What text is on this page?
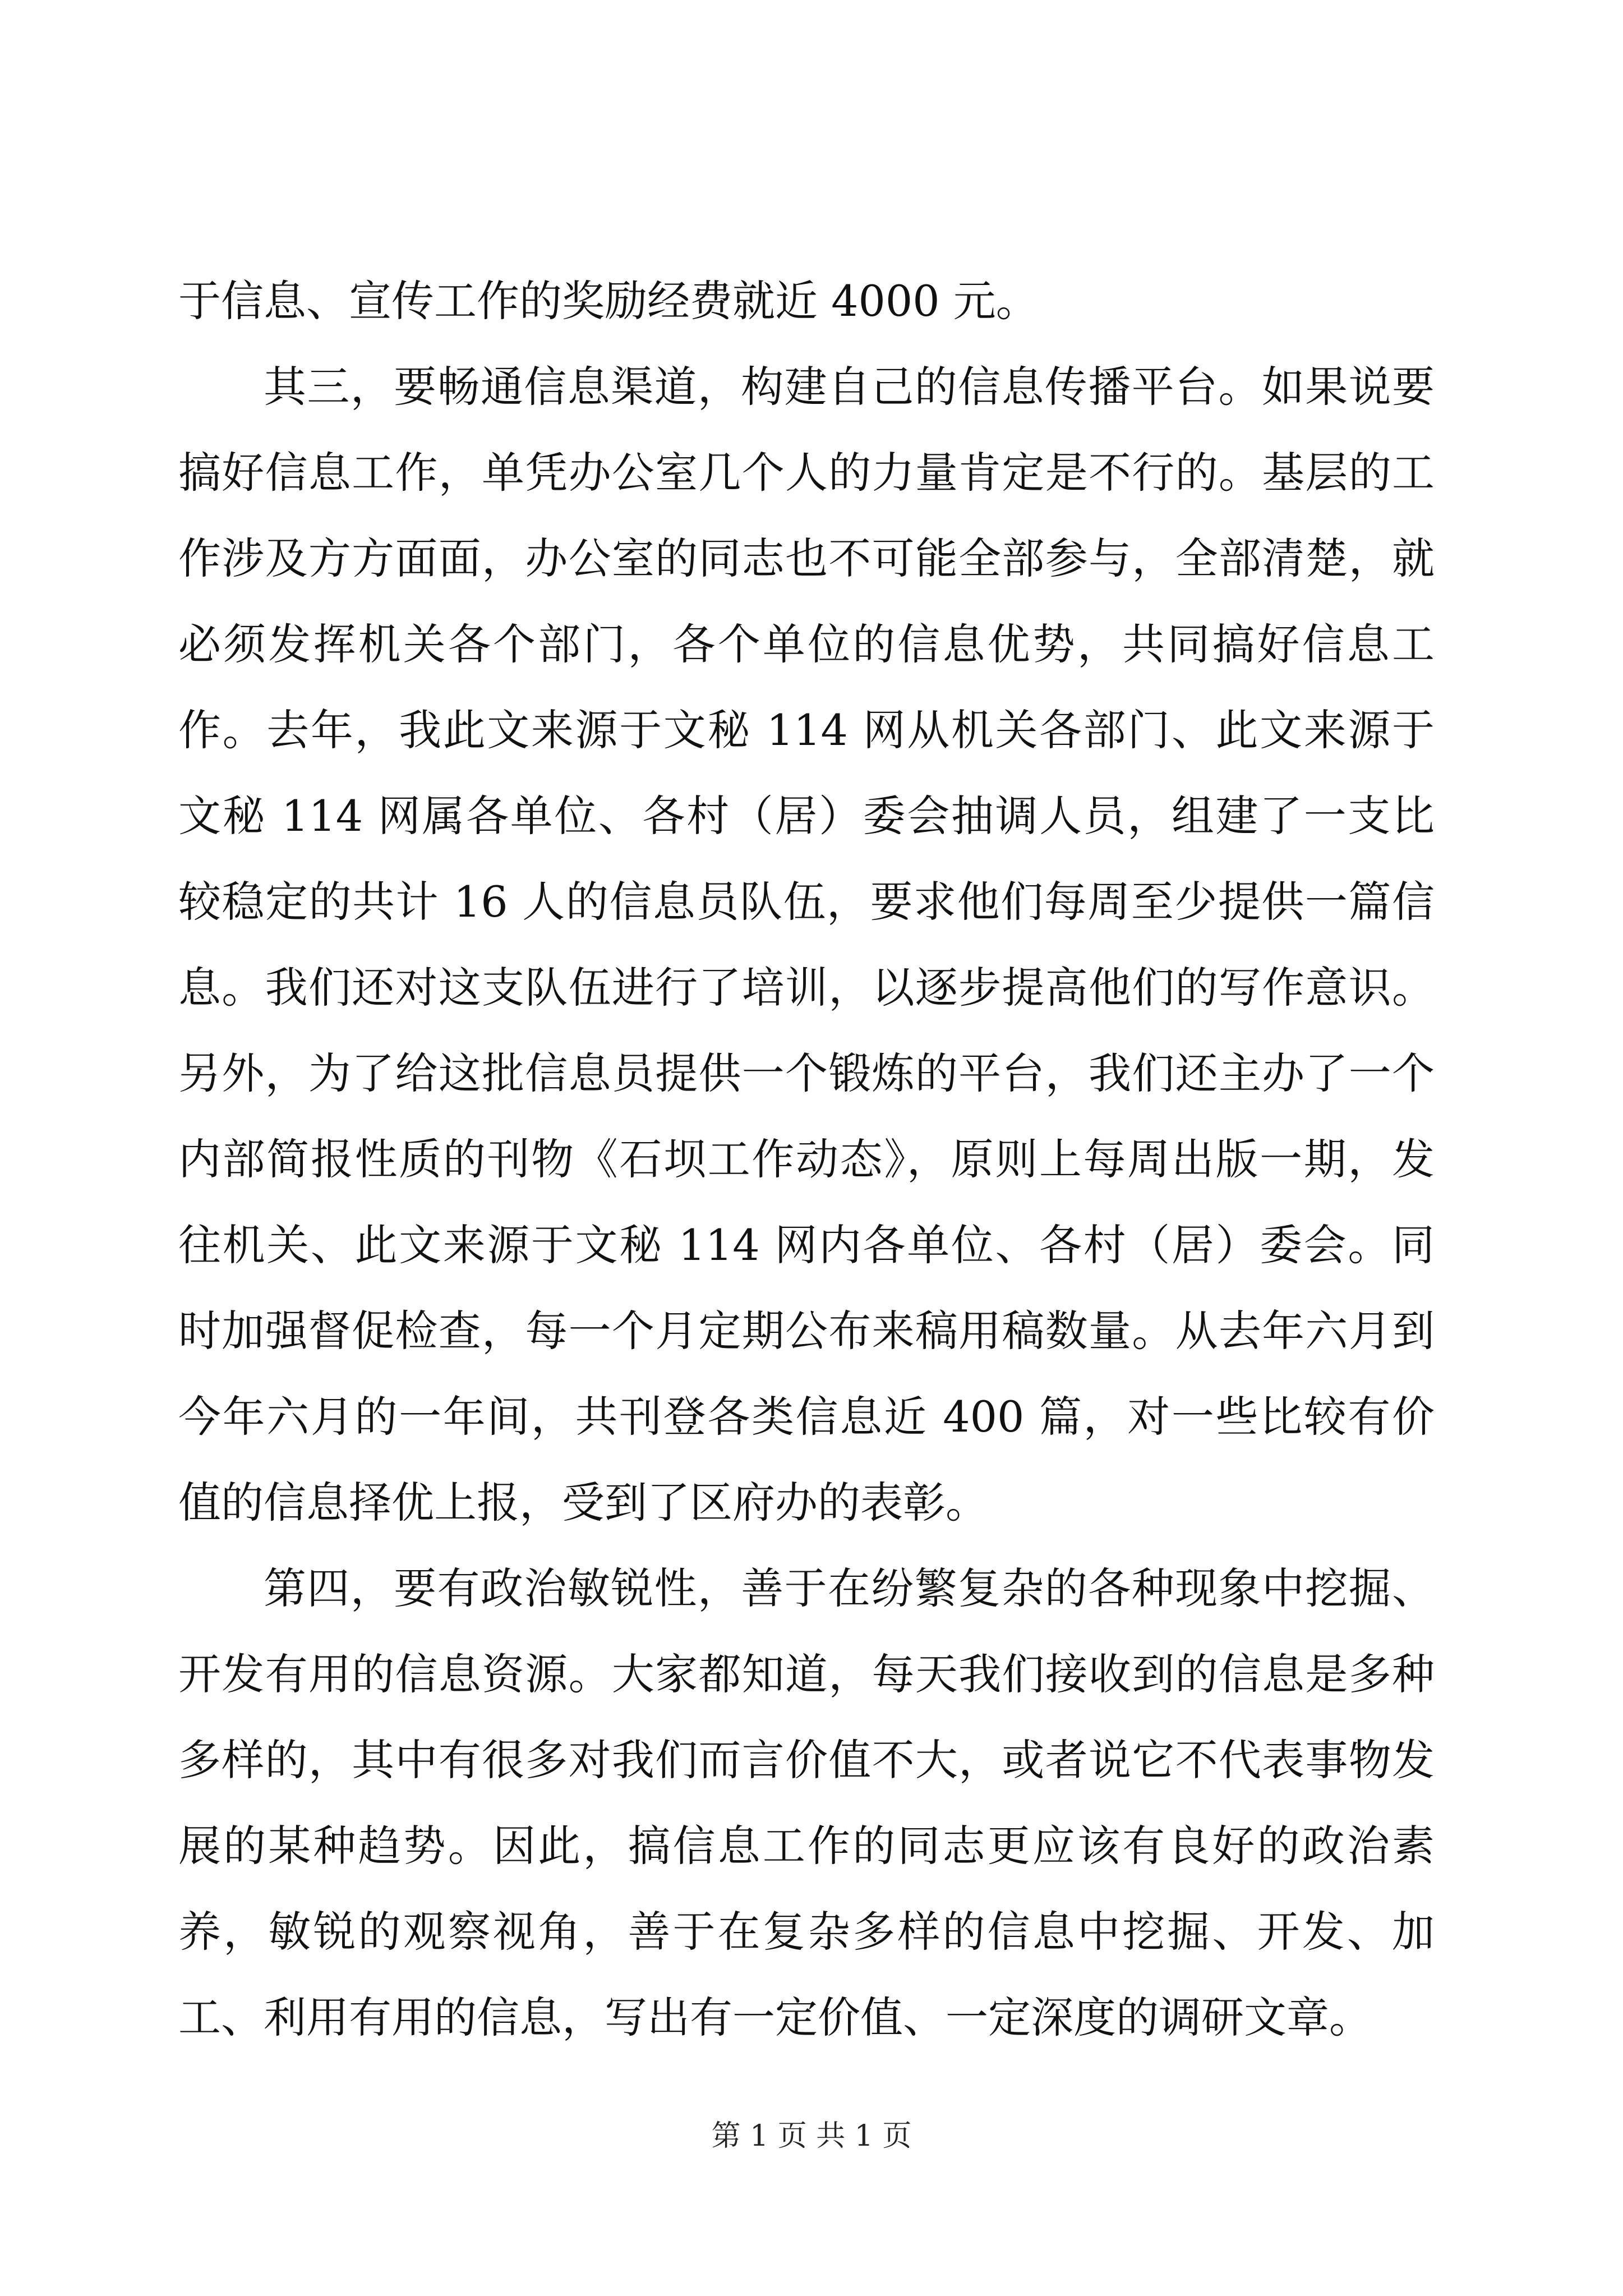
于信息、宣传工作的奖励经费就近 4000 元。

其三，要畅通信息渠道，构建自己的信息传播平台。如果说要搞好信息工作，单凭办公室几个人的力量肯定是不行的。基层的工作涉及方方面面，办公室的同志也不可能全部参与，全部清楚，就必须发挥机关各个部门，各个单位的信息优势，共同搞好信息工作。去年，我此文来源于文秘 114 网从机关各部门、此文来源于文秘 114 网属各单位、各村（居）委会抽调人员，组建了一支比较稳定的共计 16 人的信息员队伍，要求他们每周至少提供一篇信息。我们还对这支队伍进行了培训，以逐步提高他们的写作意识。另外，为了给这批信息员提供一个锻炼的平台，我们还主办了一个内部简报性质的刊物《石坝工作动态》，原则上每周出版一期，发往机关、此文来源于文秘 114 网内各单位、各村（居）委会。同时加强督促检查，每一个月定期公布来稿用稿数量。从去年六月到今年六月的一年间，共刊登各类信息近 400 篇，对一些比较有价值的信息择优上报，受到了区府办的表彰。

第四，要有政治敏锐性，善于在纷繁复杂的各种现象中挖掘、开发有用的信息资源。大家都知道，每天我们接收到的信息是多种多样的，其中有很多对我们而言价值不大，或者说它不代表事物发展的某种趋势。因此，搞信息工作的同志更应该有良好的政治素养，敏锐的观察视角，善于在复杂多样的信息中挖掘、开发、加工、利用有用的信息，写出有一定价值、一定深度的调研文章。

第 1 页 共 1 页
